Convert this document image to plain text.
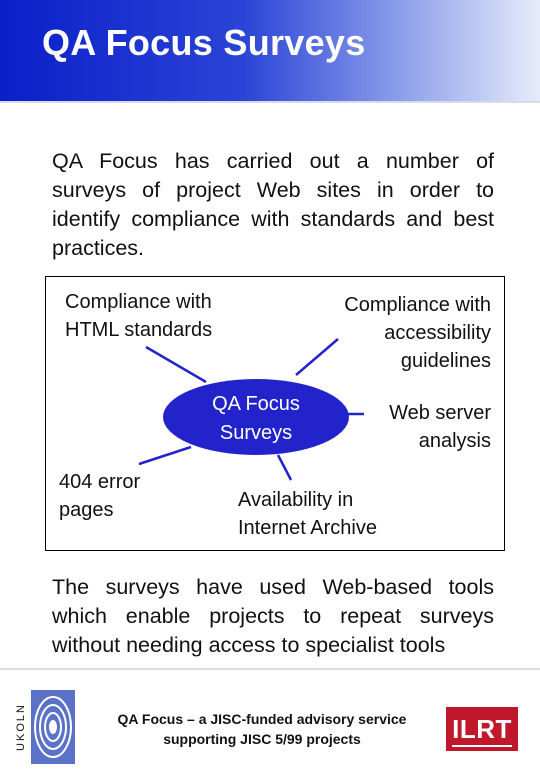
QA Focus Surveys

QA Focus has carried out a number of surveys of project Web sites in order to identify compliance with standards and best practices.

QA Focus
Surveys
Compliance with
HTML standards
Compliance with
accessibility
guidelines
Web server
analysis
Availability in
Internet Archive
404 error
pages

The surveys have used Web-based tools which enable projects to repeat surveys without needing access to specialist tools

UKOLN	QA Focus – a JISC-funded advisory service
supporting JISC 5/99 projects	ILRT
